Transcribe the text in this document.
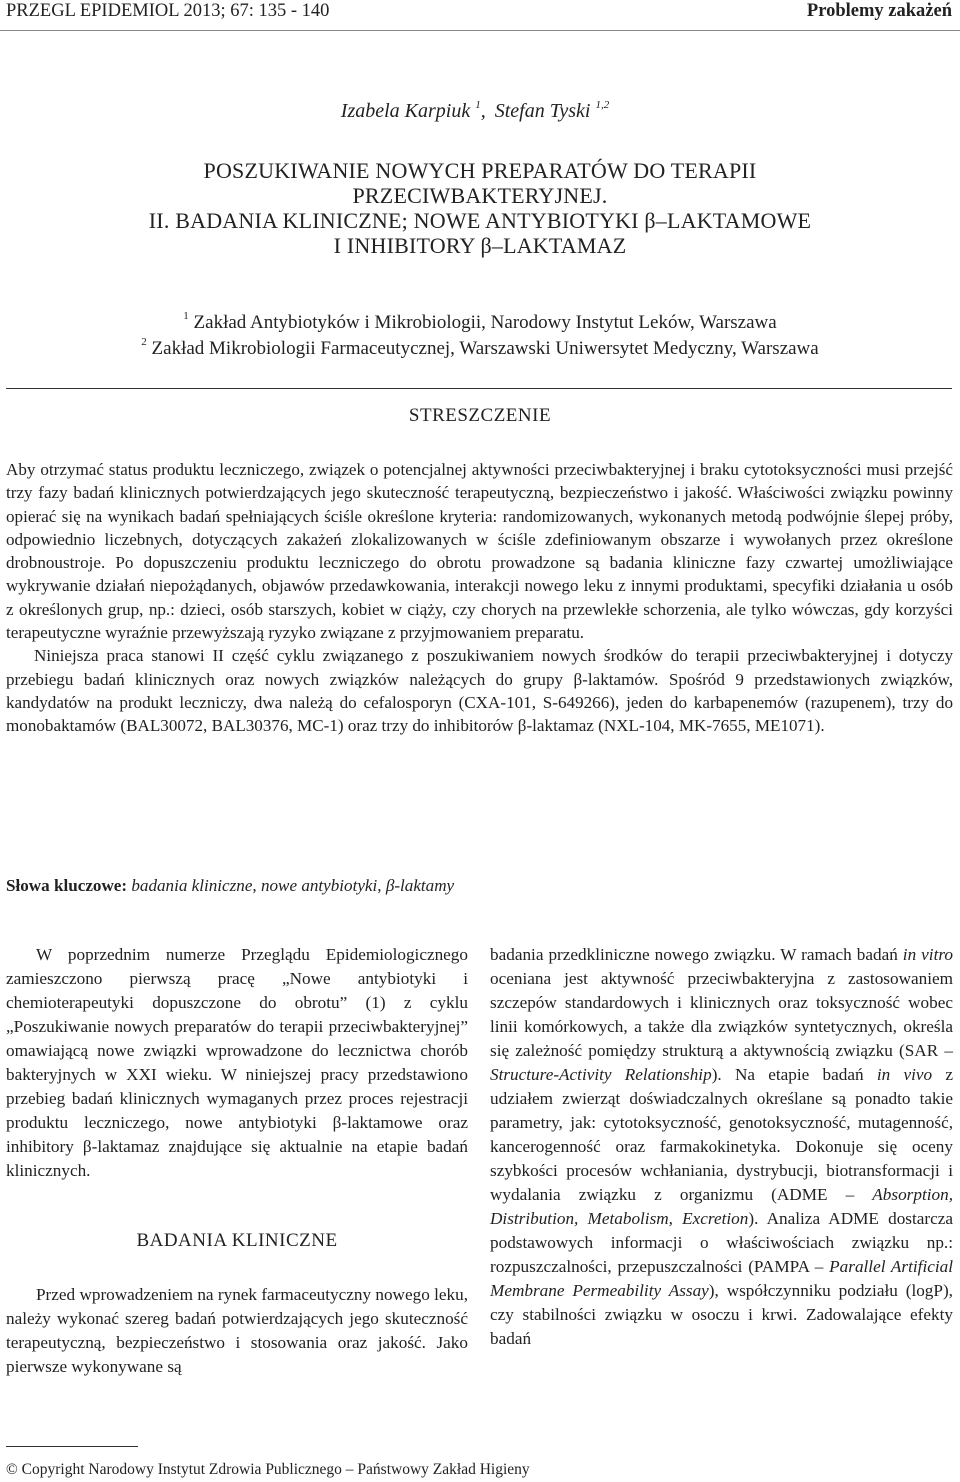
PRZEGL EPIDEMIOL 2013; 67: 135 - 140	Problemy zakażeń
Izabela Karpiuk $^1$, Stefan Tyski $^{1,2}$
POSZUKIWANIE NOWYCH PREPARATÓW DO TERAPII
PRZECIWBAKTERYJNEJ.
II. BADANIA KLINICZNE; NOWE ANTYBIOTYKI β–LAKTAMOWE
I INHIBITORY β–LAKTAMAZ
$^1$ Zakład Antybiotyków i Mikrobiologii, Narodowy Instytut Leków, Warszawa
$^2$ Zakład Mikrobiologii Farmaceutycznej, Warszawski Uniwersytet Medyczny, Warszawa
STRESZCZENIE

Aby otrzymać status produktu leczniczego, związek o potencjalnej aktywności przeciwbakteryjnej i braku cytotoksyczności musi przejść trzy fazy badań klinicznych potwierdzających jego skuteczność terapeutyczną, bezpieczeństwo i jakość. Właściwości związku powinny opierać się na wynikach badań spełniających ściśle określone kryteria: randomizowanych, wykonanych metodą podwójnie ślepej próby, odpowiednio liczebnych, dotyczących zakażeń zlokalizowanych w ściśle zdefiniowanym obszarze i wywołanych przez określone drobnoustroje. Po dopuszczeniu produktu leczniczego do obrotu prowadzone są badania kliniczne fazy czwartej umożliwiające wykrywanie działań niepożądanych, objawów przedawkowania, interakcji nowego leku z innymi produktami, specyfiki działania u osób z określonych grup, np.: dzieci, osób starszych, kobiet w ciąży, czy chorych na przewlekłe schorzenia, ale tylko wówczas, gdy korzyści terapeutyczne wyraźnie przewyższają ryzyko związane z przyjmowaniem preparatu.

Niniejsza praca stanowi II część cyklu związanego z poszukiwaniem nowych środków do terapii przeciwbakteryjnej i dotyczy przebiegu badań klinicznych oraz nowych związków należących do grupy β-laktamów. Spośród 9 przedstawionych związków, kandydatów na produkt leczniczy, dwa należą do cefalosporyn (CXA-101, S-649266), jeden do karbapenemów (razupenem), trzy do monobaktamów (BAL30072, BAL30376, MC-1) oraz trzy do inhibitorów β-laktamaz (NXL-104, MK-7655, ME1071).

Słowa kluczowe: badania kliniczne, nowe antybiotyki, β-laktamy

W poprzednim numerze Przeglądu Epidemiologicznego zamieszczono pierwszą pracę „Nowe antybiotyki i chemioterapeutyki dopuszczone do obrotu” (1) z cyklu „Poszukiwanie nowych preparatów do terapii przeciwbakteryjnej” omawiającą nowe związki wprowadzone do lecznictwa chorób bakteryjnych w XXI wieku. W niniejszej pracy przedstawiono przebieg badań klinicznych wymaganych przez proces rejestracji produktu leczniczego, nowe antybiotyki β-laktamowe oraz inhibitory β-laktamaz znajdujące się aktualnie na etapie badań klinicznych.

BADANIA KLINICZNE

Przed wprowadzeniem na rynek farmaceutyczny nowego leku, należy wykonać szereg badań potwierdzających jego skuteczność terapeutyczną, bezpieczeństwo i stosowania oraz jakość. Jako pierwsze wykonywane są

badania przedkliniczne nowego związku. W ramach badań in vitro oceniana jest aktywność przeciwbakteryjna z zastosowaniem szczepów standardowych i klinicznych oraz toksyczność wobec linii komórkowych, a także dla związków syntetycznych, określa się zależność pomiędzy strukturą a aktywnością związku (SAR – Structure-Activity Relationship). Na etapie badań in vivo z udziałem zwierząt doświadczalnych określane są ponadto takie parametry, jak: cytotoksyczność, genotoksyczność, mutagenność, kancerogenność oraz farmakokinetyka. Dokonuje się oceny szybkości procesów wchłaniania, dystrybucji, biotransformacji i wydalania związku z organizmu (ADME – Absorption, Distribution, Metabolism, Excretion). Analiza ADME dostarcza podstawowych informacji o właściwościach związku np.: rozpuszczalności, przepuszczalności (PAMPA – Parallel Artificial Membrane Permeability Assay), współczynniku podziału (logP), czy stabilności związku w osoczu i krwi. Zadowalające efekty badań

© Copyright Narodowy Instytut Zdrowia Publicznego – Państwowy Zakład Higieny
